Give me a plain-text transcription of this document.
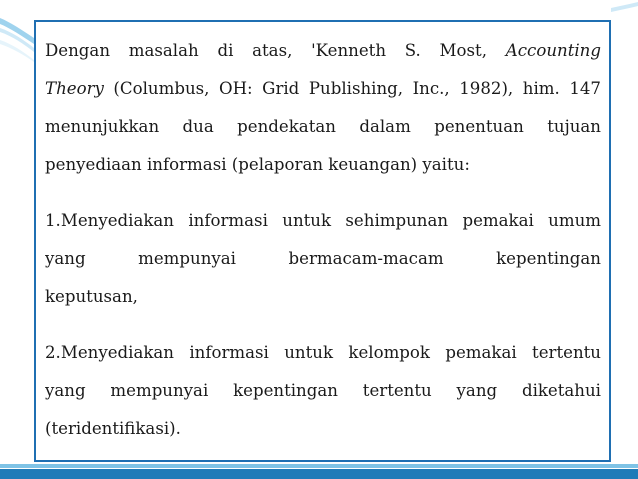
Dengan masalah di atas, 'Kenneth S. Most, Accounting
Theory (Columbus, OH: Grid Publishing, Inc., 1982), him. 147
menunjukkan dua pendekatan dalam penentuan tujuan
penyediaan informasi (pelaporan keuangan) yaitu:

1.Menyediakan informasi untuk sehimpunan pemakai umum
yang mempunyai bermacam-macam kepentingan
keputusan,

2.Menyediakan informasi untuk kelompok pemakai tertentu
yang mempunyai kepentingan tertentu yang diketahui
(teridentifikasi).
